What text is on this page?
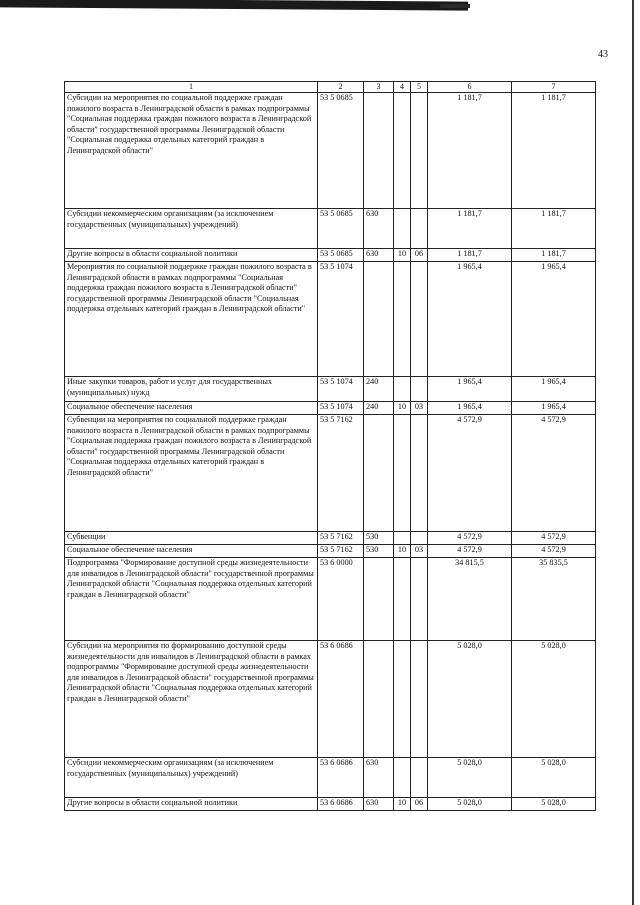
43
1	2	3	4	5	6	7
Субсидии на мероприятия по социальной поддержке граждан пожилого возраста в Ленинградской области в рамках подпрограммы "Социальная поддержка граждан пожилого возраста в Ленинградской области" государственной программы Ленинградской области "Социальная поддержка отдельных категорий граждан в Ленинградской области"	53 5 0685				1 181,7	1 181,7
Субсидии некоммерческим организациям (за исключением государственных (муниципальных) учреждений)	53 5 0685	630			1 181,7	1 181,7
Другие вопросы в области социальной политики	53 5 0685	630	10	06	1 181,7	1 181,7
Мероприятия по социальной поддержке граждан пожилого возраста в Ленинградской области в рамках подпрограммы "Социальная поддержка граждан пожилого возраста в Ленинградской области" государственной программы Ленинградской области "Социальная поддержка отдельных категорий граждан в Ленинградской области"	53 5 1074				1 965,4	1 965,4
Иные закупки товаров, работ и услуг для государственных (муниципальных) нужд	53 5 1074	240			1 965,4	1 965,4
Социальное обеспечение населения	53 5 1074	240	10	03	1 965,4	1 965,4
Субвенции на мероприятия по социальной поддержке граждан пожилого возраста в Ленинградской области в рамках подпрограммы "Социальная поддержка граждан пожилого возраста в Ленинградской области" государственной программы Ленинградской области "Социальная поддержка отдельных категорий граждан в Ленинградской области"	53 5 7162				4 572,9	4 572,9
Субвенции	53 5 7162	530			4 572,9	4 572,9
Социальное обеспечение населения	53 5 7162	530	10	03	4 572,9	4 572,9
Подпрограмма "Формирование доступной среды жизнедеятельности для инвалидов в Ленинградской области" государственной программы Ленинградской области "Социальная поддержка отдельных категорий граждан в Ленинградской области"	53 6 0000				34 815,5	35 835,5
Субсидии на мероприятия по формированию доступной среды жизнедеятельности для инвалидов в Ленинградской области в рамках подпрограммы "Формирование доступной среды жизнедеятельности для инвалидов в Ленинградской области" государственной программы Ленинградской области "Социальная поддержка отдельных категорий граждан в Ленинградской области"	53 6 0686				5 028,0	5 028,0
Субсидии некоммерческим организациям (за исключением государственных (муниципальных) учреждений)	53 6 0686	630			5 028,0	5 028,0
Другие вопросы в области социальной политики	53 6 0686	630	10	06	5 028,0	5 028,0
